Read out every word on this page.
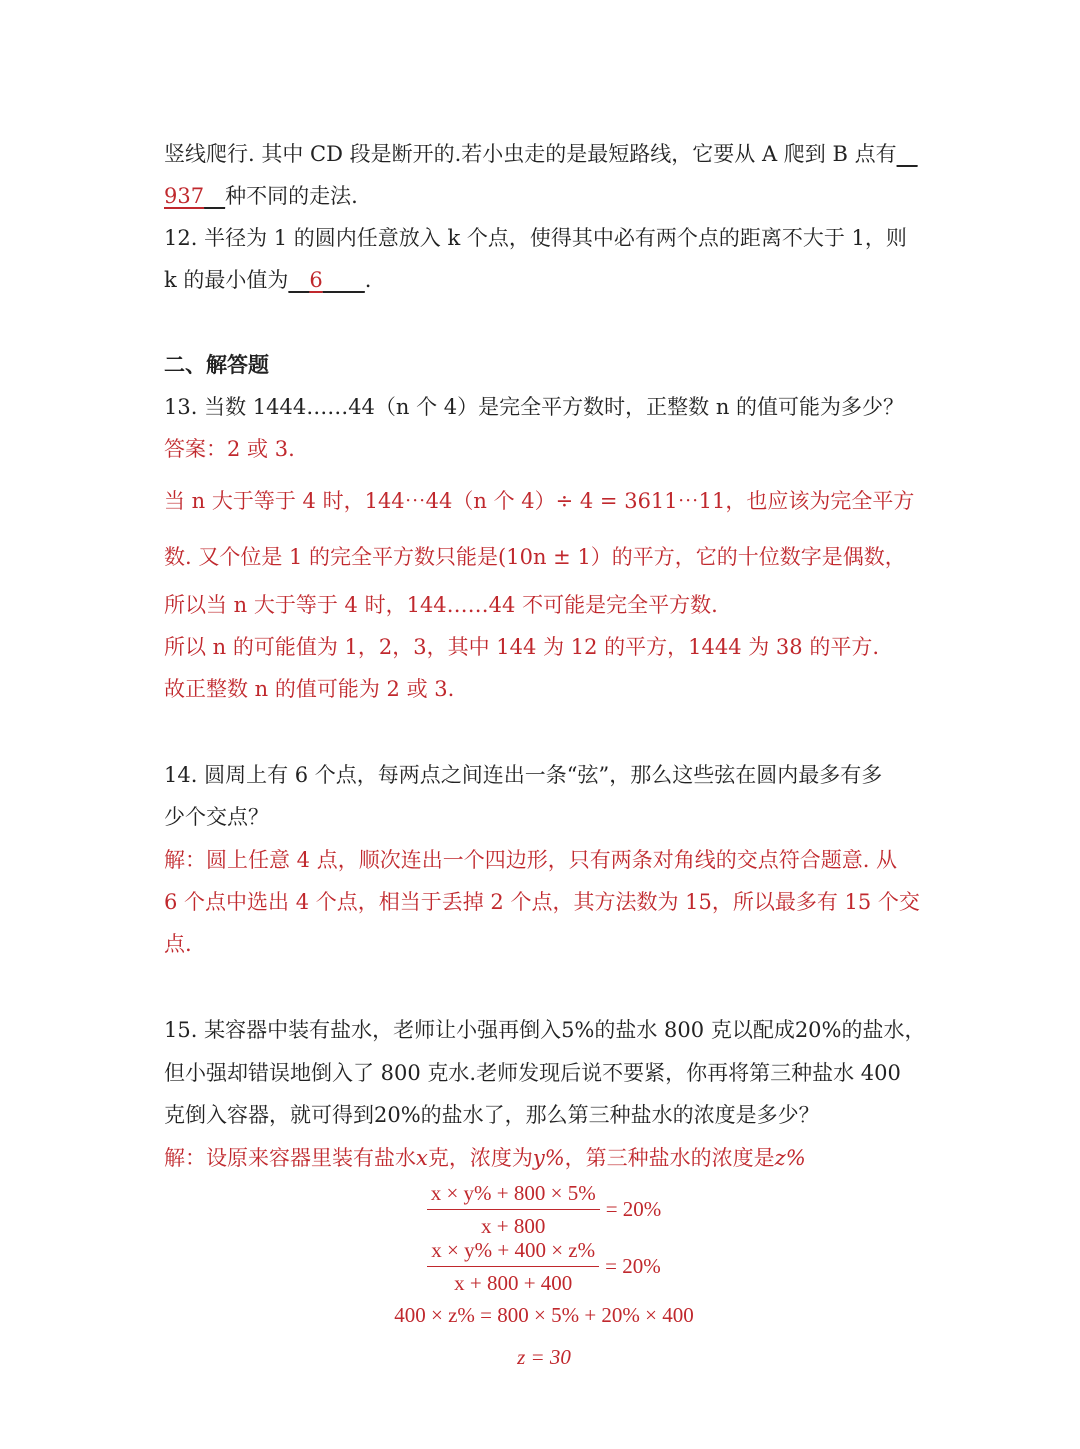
竖线爬行. 其中 CD 段是断开的.若小虫走的是最短路线，它要从 A 爬到 B 点有__
937__种不同的走法.
12. 半径为 1 的圆内任意放入 k 个点，使得其中必有两个点的距离不大于 1，则
k 的最小值为__6____.
二、解答题
13. 当数 1444……44（n 个 4）是完全平方数时，正整数 n 的值可能为多少？
答案：2 或 3.
当 n 大于等于 4 时，144⋯44（n 个 4）÷ 4 = 3611⋯11，也应该为完全平方
数. 又个位是 1 的完全平方数只能是(10n ± 1）的平方，它的十位数字是偶数，
所以当 n 大于等于 4 时，144……44 不可能是完全平方数.
所以 n 的可能值为 1，2，3，其中 144 为 12 的平方，1444 为 38 的平方.
故正整数 n 的值可能为 2 或 3.
14. 圆周上有 6 个点，每两点之间连出一条“弦”，那么这些弦在圆内最多有多
少个交点？
解：圆上任意 4 点，顺次连出一个四边形，只有两条对角线的交点符合题意. 从
6 个点中选出 4 个点，相当于丢掉 2 个点，其方法数为 15，所以最多有 15 个交
点.
15. 某容器中装有盐水，老师让小强再倒入5%的盐水 800 克以配成20%的盐水，
但小强却错误地倒入了 800 克水.老师发现后说不要紧，你再将第三种盐水 400
克倒入容器，就可得到20%的盐水了，那么第三种盐水的浓度是多少？
解：设原来容器里装有盐水x克，浓度为y%，第三种盐水的浓度是z%
$\frac{x \times y\% + 800 \times 5\%}{x + 800} = 20\%$
$\frac{x \times y\% + 400 \times z\%}{x + 800 + 400} = 20\%$
400 × z% = 800 × 5% + 20% × 400
z = 30
